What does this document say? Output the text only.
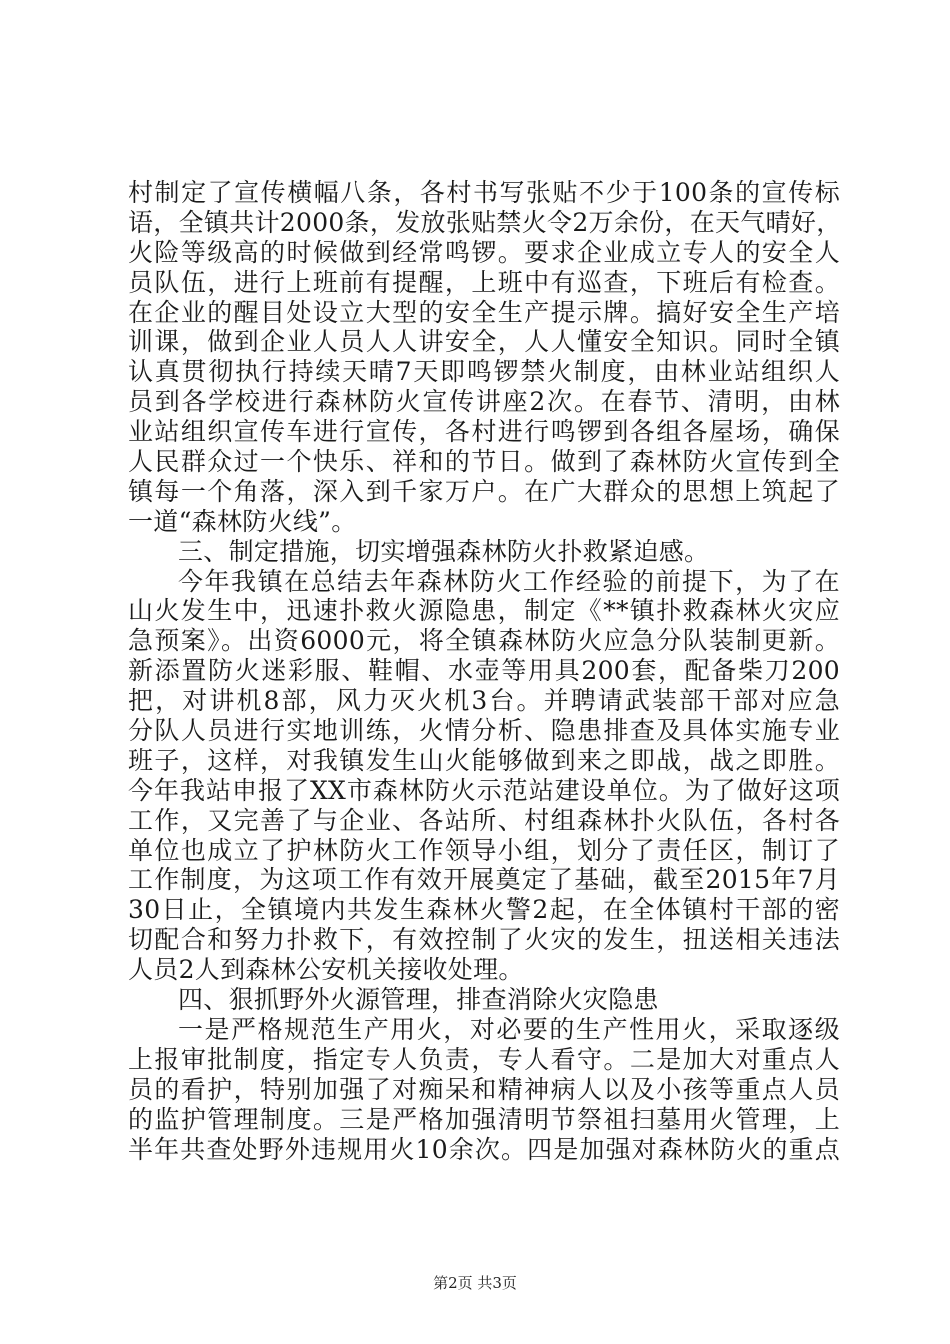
村制定了宣传横幅八条，各村书写张贴不少于100条的宣传标
语，全镇共计2000条，发放张贴禁火令2万余份，在天气晴好，
火险等级高的时候做到经常鸣锣。要求企业成立专人的安全人
员队伍，进行上班前有提醒，上班中有巡查，下班后有检查。
在企业的醒目处设立大型的安全生产提示牌。搞好安全生产培
训课，做到企业人员人人讲安全，人人懂安全知识。同时全镇
认真贯彻执行持续天晴7天即鸣锣禁火制度，由林业站组织人
员到各学校进行森林防火宣传讲座2次。在春节、清明，由林
业站组织宣传车进行宣传，各村进行鸣锣到各组各屋场，确保
人民群众过一个快乐、祥和的节日。做到了森林防火宣传到全
镇每一个角落，深入到千家万户。在广大群众的思想上筑起了
一道“森林防火线”。
三、制定措施，切实增强森林防火扑救紧迫感。
今年我镇在总结去年森林防火工作经验的前提下，为了在
山火发生中，迅速扑救火源隐患，制定《**镇扑救森林火灾应
急预案》。出资6000元，将全镇森林防火应急分队装制更新。
新添置防火迷彩服、鞋帽、水壶等用具200套，配备柴刀200
把，对讲机8部，风力灭火机3台。并聘请武装部干部对应急
分队人员进行实地训练，火情分析、隐患排查及具体实施专业
班子，这样，对我镇发生山火能够做到来之即战，战之即胜。
今年我站申报了XX市森林防火示范站建设单位。为了做好这项
工作，又完善了与企业、各站所、村组森林扑火队伍，各村各
单位也成立了护林防火工作领导小组，划分了责任区，制订了
工作制度，为这项工作有效开展奠定了基础，截至2015年7月
30日止，全镇境内共发生森林火警2起，在全体镇村干部的密
切配合和努力扑救下，有效控制了火灾的发生，扭送相关违法
人员2人到森林公安机关接收处理。
四、狠抓野外火源管理，排查消除火灾隐患
一是严格规范生产用火，对必要的生产性用火，采取逐级
上报审批制度，指定专人负责，专人看守。二是加大对重点人
员的看护，特别加强了对痴呆和精神病人以及小孩等重点人员
的监护管理制度。三是严格加强清明节祭祖扫墓用火管理，上
半年共查处野外违规用火10余次。四是加强对森林防火的重点
第2页 共3页
